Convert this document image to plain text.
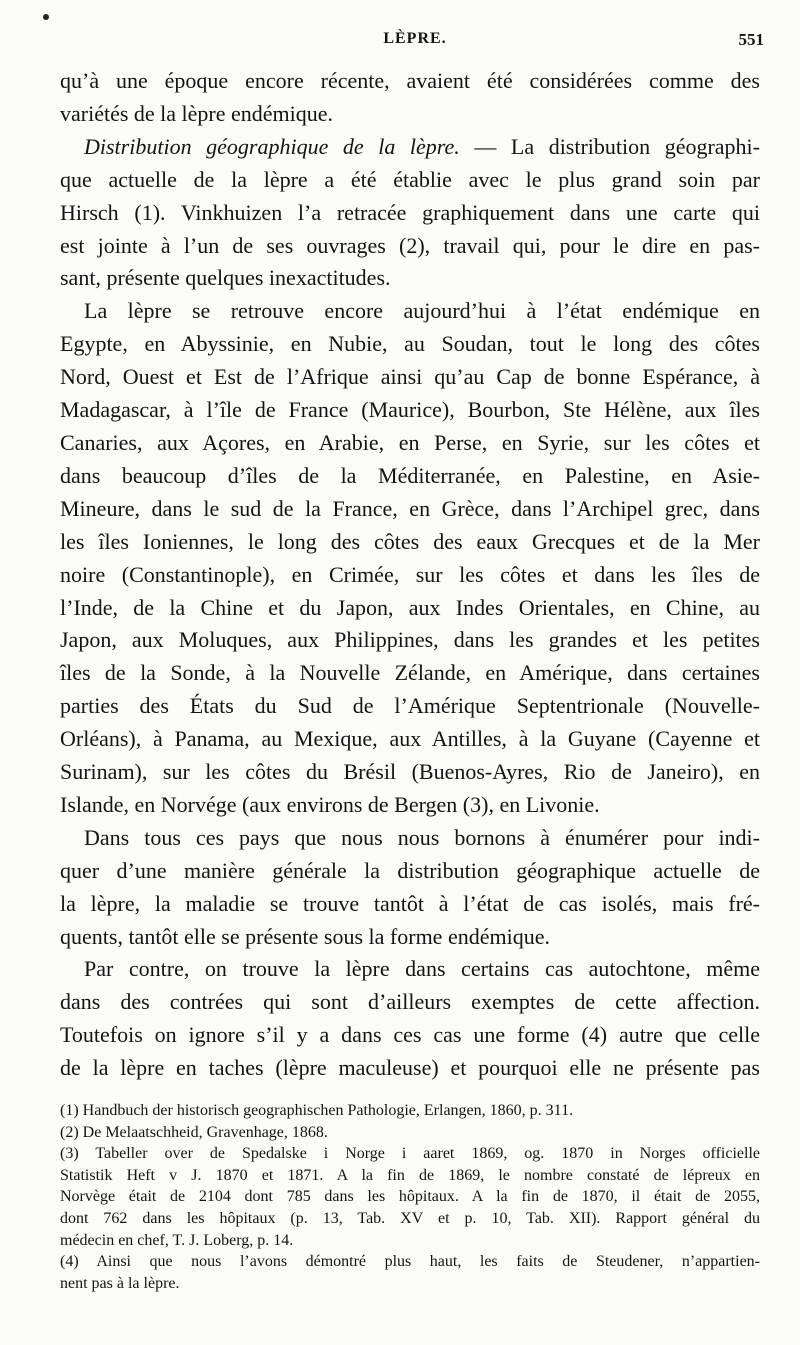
LÈPRE.	551

qu’à une époque encore récente, avaient été considérées comme des
variétés de la lèpre endémique.

Distribution géographique de la lèpre. — La distribution géographi-
que actuelle de la lèpre a été établie avec le plus grand soin par
Hirsch (1). Vinkhuizen l’a retracée graphiquement dans une carte qui
est jointe à l’un de ses ouvrages (2), travail qui, pour le dire en pas-
sant, présente quelques inexactitudes.

La lèpre se retrouve encore aujourd’hui à l’état endémique en
Egypte, en Abyssinie, en Nubie, au Soudan, tout le long des côtes
Nord, Ouest et Est de l’Afrique ainsi qu’au Cap de bonne Espérance, à
Madagascar, à l’île de France (Maurice), Bourbon, Ste Hélène, aux îles
Canaries, aux Açores, en Arabie, en Perse, en Syrie, sur les côtes et
dans beaucoup d’îles de la Méditerranée, en Palestine, en Asie-
Mineure, dans le sud de la France, en Grèce, dans l’Archipel grec, dans
les îles Ioniennes, le long des côtes des eaux Grecques et de la Mer
noire (Constantinople), en Crimée, sur les côtes et dans les îles de
l’Inde, de la Chine et du Japon, aux Indes Orientales, en Chine, au
Japon, aux Moluques, aux Philippines, dans les grandes et les petites
îles de la Sonde, à la Nouvelle Zélande, en Amérique, dans certaines
parties des États du Sud de l’Amérique Septentrionale (Nouvelle-
Orléans), à Panama, au Mexique, aux Antilles, à la Guyane (Cayenne et
Surinam), sur les côtes du Brésil (Buenos-Ayres, Rio de Janeiro), en
Islande, en Norvége (aux environs de Bergen (3), en Livonie.

Dans tous ces pays que nous nous bornons à énumérer pour indi-
quer d’une manière générale la distribution géographique actuelle de
la lèpre, la maladie se trouve tantôt à l’état de cas isolés, mais fré-
quents, tantôt elle se présente sous la forme endémique.

Par contre, on trouve la lèpre dans certains cas autochtone, même
dans des contrées qui sont d’ailleurs exemptes de cette affection.
Toutefois on ignore s’il y a dans ces cas une forme (4) autre que celle
de la lèpre en taches (lèpre maculeuse) et pourquoi elle ne présente pas

(1) Handbuch der historisch geographischen Pathologie, Erlangen, 1860, p. 311.

(2) De Melaatschheid, Gravenhage, 1868.

(3) Tabeller over de Spedalske i Norge i aaret 1869, og. 1870 in Norges officielle
Statistik Heft v J. 1870 et 1871. A la fin de 1869, le nombre constaté de lépreux en
Norvège était de 2104 dont 785 dans les hôpitaux. A la fin de 1870, il était de 2055,
dont 762 dans les hôpitaux (p. 13, Tab. XV et p. 10, Tab. XII). Rapport général du
médecin en chef, T. J. Loberg, p. 14.

(4) Ainsi que nous l’avons démontré plus haut, les faits de Steudener, n’appartien-
nent pas à la lèpre.
